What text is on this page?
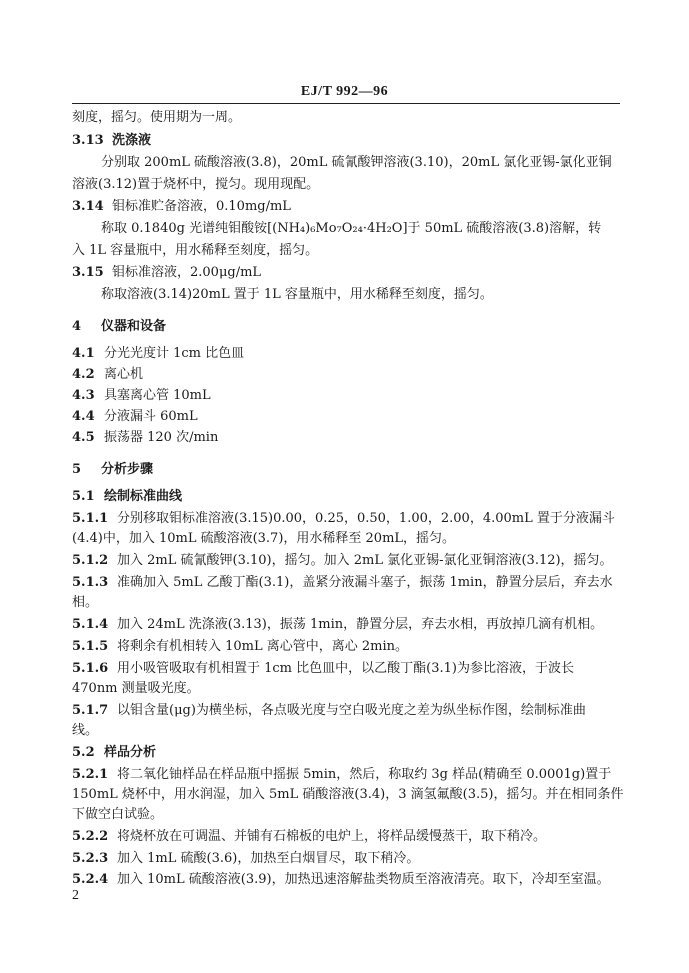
EJ/T 992—96
刻度，摇匀。使用期为一周。
3.13 洗涤液
分别取 200mL 硫酸溶液(3.8)，20mL 硫氰酸钾溶液(3.10)，20mL 氯化亚锡-氯化亚铜
溶液(3.12)置于烧杯中，搅匀。现用现配。
3.14 钼标准贮备溶液，0.10mg/mL
称取 0.1840g 光谱纯钼酸铵[(NH₄)₆Mo₇O₂₄·4H₂O]于 50mL 硫酸溶液(3.8)溶解，转
入 1L 容量瓶中，用水稀释至刻度，摇匀。
3.15 钼标准溶液，2.00μg/mL
称取溶液(3.14)20mL 置于 1L 容量瓶中，用水稀释至刻度，摇匀。
4 仪器和设备
4.1 分光光度计 1cm 比色皿
4.2 离心机
4.3 具塞离心管 10mL
4.4 分液漏斗 60mL
4.5 振荡器 120 次/min
5 分析步骤
5.1 绘制标准曲线
5.1.1 分别移取钼标准溶液(3.15)0.00，0.25，0.50，1.00，2.00，4.00mL 置于分液漏斗
(4.4)中，加入 10mL 硫酸溶液(3.7)，用水稀释至 20mL，摇匀。
5.1.2 加入 2mL 硫氰酸钾(3.10)，摇匀。加入 2mL 氯化亚锡-氯化亚铜溶液(3.12)，摇匀。
5.1.3 准确加入 5mL 乙酸丁酯(3.1)，盖紧分液漏斗塞子，振荡 1min，静置分层后，弃去水
相。
5.1.4 加入 24mL 洗涤液(3.13)，振荡 1min，静置分层，弃去水相，再放掉几滴有机相。
5.1.5 将剩余有机相转入 10mL 离心管中，离心 2min。
5.1.6 用小吸管吸取有机相置于 1cm 比色皿中，以乙酸丁酯(3.1)为参比溶液，于波长
470nm 测量吸光度。
5.1.7 以钼含量(μg)为横坐标，各点吸光度与空白吸光度之差为纵坐标作图，绘制标准曲
线。
5.2 样品分析
5.2.1 将二氧化铀样品在样品瓶中摇振 5min，然后，称取约 3g 样品(精确至 0.0001g)置于
150mL 烧杯中，用水润湿，加入 5mL 硝酸溶液(3.4)，3 滴氢氟酸(3.5)，摇匀。并在相同条件
下做空白试验。
5.2.2 将烧杯放在可调温、并铺有石棉板的电炉上，将样品缓慢蒸干，取下稍冷。
5.2.3 加入 1mL 硫酸(3.6)，加热至白烟冒尽，取下稍冷。
5.2.4 加入 10mL 硫酸溶液(3.9)，加热迅速溶解盐类物质至溶液清亮。取下，冷却至室温。
2
